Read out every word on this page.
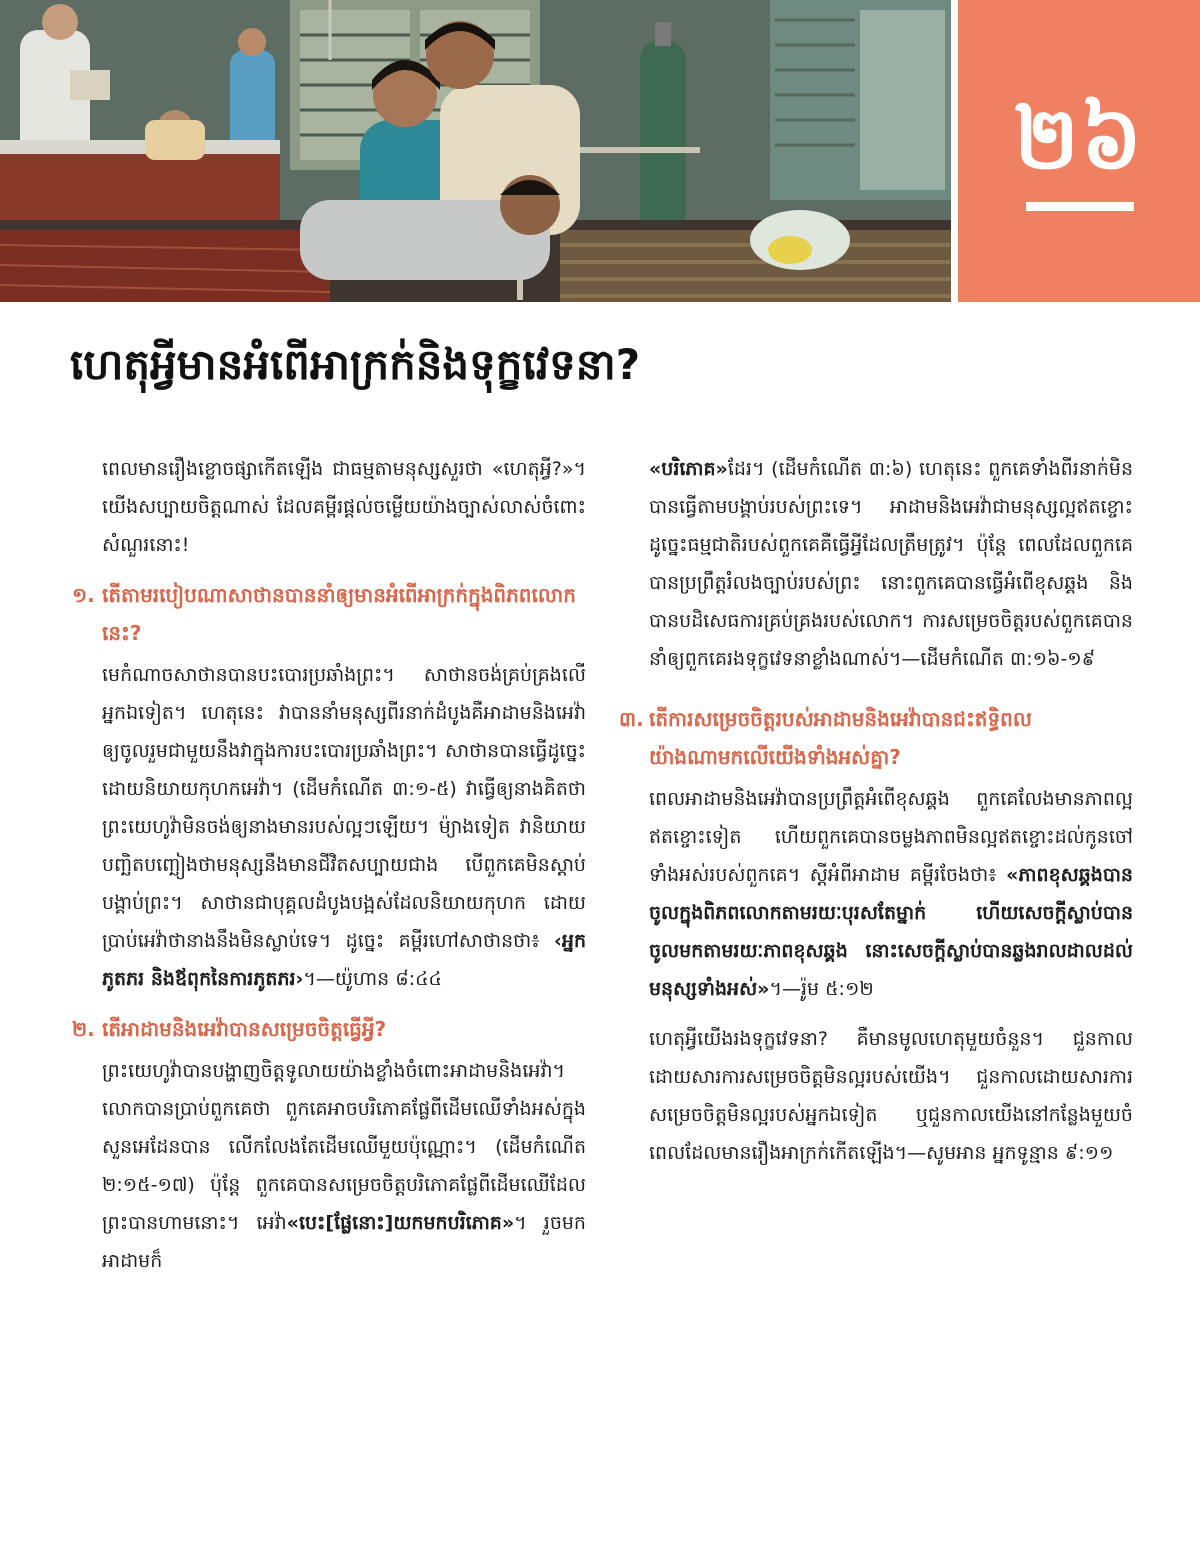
២៦
ហេតុអ្វីមានអំពើអាក្រក់និងទុក្ខវេទនា?

ពេលមានរឿងខ្លោចផ្សាកើតឡើង ជាធម្មតាមនុស្សសួរថា «ហេតុអ្វី?»។ យើងសប្បាយចិត្តណាស់ ដែលគម្ពីរផ្ដល់ចម្លើយយ៉ាងច្បាស់លាស់ចំពោះសំណួរនោះ!

១. តើតាមរបៀបណាសាថានបាននាំឲ្យមានអំពើអាក្រក់ក្នុងពិភពលោកនេះ?

មេកំណាចសាថានបានបះបោរប្រឆាំងព្រះ។ សាថានចង់គ្រប់គ្រងលើអ្នកឯទៀត។ ហេតុនេះ វាបាននាំមនុស្សពីរនាក់ដំបូងគឺអាដាមនិងអេវ៉ា ឲ្យចូលរួមជាមួយនឹងវាក្នុងការបះបោរប្រឆាំងព្រះ។ សាថានបានធ្វើដូច្នេះដោយនិយាយកុហកអេវ៉ា។ (ដើមកំណើត ៣:១-៥) វាធ្វើឲ្យនាងគិតថាព្រះយេហូវ៉ាមិនចង់ឲ្យនាងមានរបស់ល្អៗឡើយ។ ម៉្យាងទៀត វានិយាយបញ្ឆិតបញ្ឆៀងថាមនុស្សនឹងមានជីវិតសប្បាយជាង បើពួកគេមិនស្ដាប់បង្គាប់ព្រះ។ សាថានជាបុគ្គលដំបូងបង្អស់ដែលនិយាយកុហក ដោយប្រាប់អេវ៉ាថានាងនឹងមិនស្លាប់ទេ។ ដូច្នេះ គម្ពីរហៅសាថានថា៖ ‹អ្នកភូតភរ និងឪពុកនៃការភូតភរ›។—យ៉ូហាន ៨:៤៤

២. តើអាដាមនិងអេវ៉ាបានសម្រេចចិត្តធ្វើអ្វី?

ព្រះយេហូវ៉ាបានបង្ហាញចិត្តទូលាយយ៉ាងខ្លាំងចំពោះអាដាមនិងអេវ៉ា។ លោកបានប្រាប់ពួកគេថា ពួកគេអាចបរិភោគផ្លែពីដើមឈើទាំងអស់ក្នុងសួនអេដែនបាន លើកលែងតែដើមឈើមួយប៉ុណ្ណោះ។ (ដើមកំណើត ២:១៥-១៧) ប៉ុន្តែ ពួកគេបានសម្រេចចិត្តបរិភោគផ្លែពីដើមឈើដែលព្រះបានហាមនោះ។ អេវ៉ា«បេះ[ផ្លែនោះ]យកមកបរិភោគ»។ រួចមក អាដាមក៏

«បរិភោគ»ដែរ។ (ដើមកំណើត ៣:៦) ហេតុនេះ ពួកគេទាំងពីរនាក់មិនបានធ្វើតាមបង្គាប់របស់ព្រះទេ។ អាដាមនិងអេវ៉ាជាមនុស្សល្អឥតខ្ចោះ ដូច្នេះធម្មជាតិរបស់ពួកគេគឺធ្វើអ្វីដែលត្រឹមត្រូវ។ ប៉ុន្តែ ពេលដែលពួកគេបានប្រព្រឹត្តរំលងច្បាប់របស់ព្រះ នោះពួកគេបានធ្វើអំពើខុសឆ្គង និងបានបដិសេធការគ្រប់គ្រងរបស់លោក។ ការសម្រេចចិត្តរបស់ពួកគេបាននាំឲ្យពួកគេរងទុក្ខវេទនាខ្លាំងណាស់។—ដើមកំណើត ៣:១៦-១៩

៣. តើការសម្រេចចិត្តរបស់អាដាមនិងអេវ៉ាបានជះឥទ្ធិពលយ៉ាងណាមកលើយើងទាំងអស់គ្នា?

ពេលអាដាមនិងអេវ៉ាបានប្រព្រឹត្តអំពើខុសឆ្គង ពួកគេលែងមានភាពល្អឥតខ្ចោះទៀត ហើយពួកគេបានចម្លងភាពមិនល្អឥតខ្ចោះដល់កូនចៅទាំងអស់របស់ពួកគេ។ ស្ដីអំពីអាដាម គម្ពីរចែងថា៖ «ភាពខុសឆ្គងបានចូលក្នុងពិភពលោកតាមរយៈបុរសតែម្នាក់ ហើយសេចក្ដីស្លាប់បានចូលមកតាមរយៈភាពខុសឆ្គង នោះសេចក្ដីស្លាប់បានឆ្លងរាលដាលដល់មនុស្សទាំងអស់»។—រ៉ូម ៥:១២

ហេតុអ្វីយើងរងទុក្ខវេទនា? គឺមានមូលហេតុមួយចំនួន។ ជួនកាលដោយសារការសម្រេចចិត្តមិនល្អរបស់យើង។ ជួនកាលដោយសារការសម្រេចចិត្តមិនល្អរបស់អ្នកឯទៀត ឬជួនកាលយើងនៅកន្លែងមួយចំពេលដែលមានរឿងអាក្រក់កើតឡើង។—សូមអាន អ្នកទូន្មាន ៩:១១
